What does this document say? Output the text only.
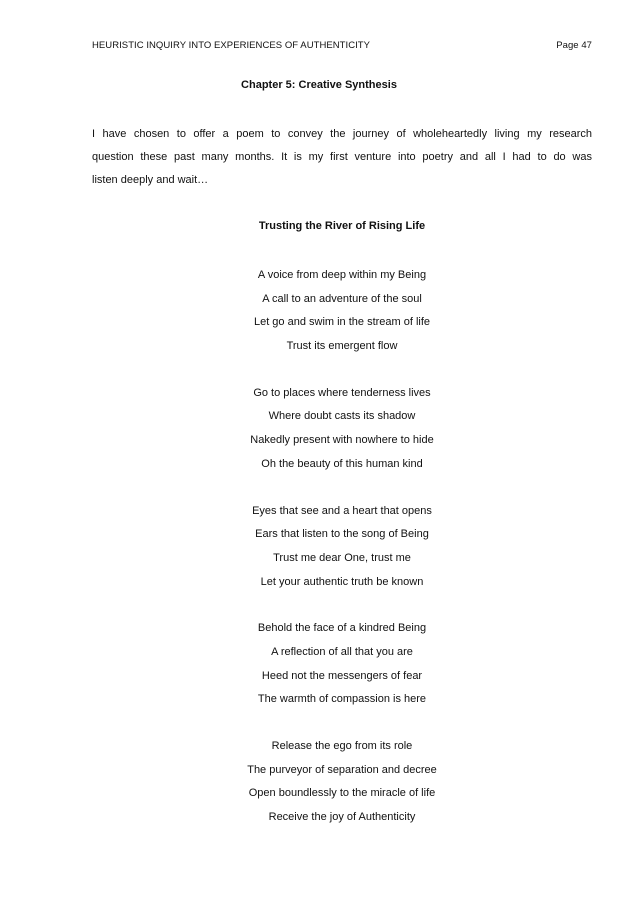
HEURISTIC INQUIRY INTO EXPERIENCES OF AUTHENTICITY	Page 47
Chapter 5: Creative Synthesis
I have chosen to offer a poem to convey the journey of wholeheartedly living my research
question these past many months. It is my first venture into poetry and all I had to do was
listen deeply and wait…
Trusting the River of Rising Life
A voice from deep within my Being
A call to an adventure of the soul
Let go and swim in the stream of life
Trust its emergent flow
Go to places where tenderness lives
Where doubt casts its shadow
Nakedly present with nowhere to hide
Oh the beauty of this human kind
Eyes that see and a heart that opens
Ears that listen to the song of Being
Trust me dear One, trust me
Let your authentic truth be known
Behold the face of a kindred Being
A reflection of all that you are
Heed not the messengers of fear
The warmth of compassion is here
Release the ego from its role
The purveyor of separation and decree
Open boundlessly to the miracle of life
Receive the joy of Authenticity
